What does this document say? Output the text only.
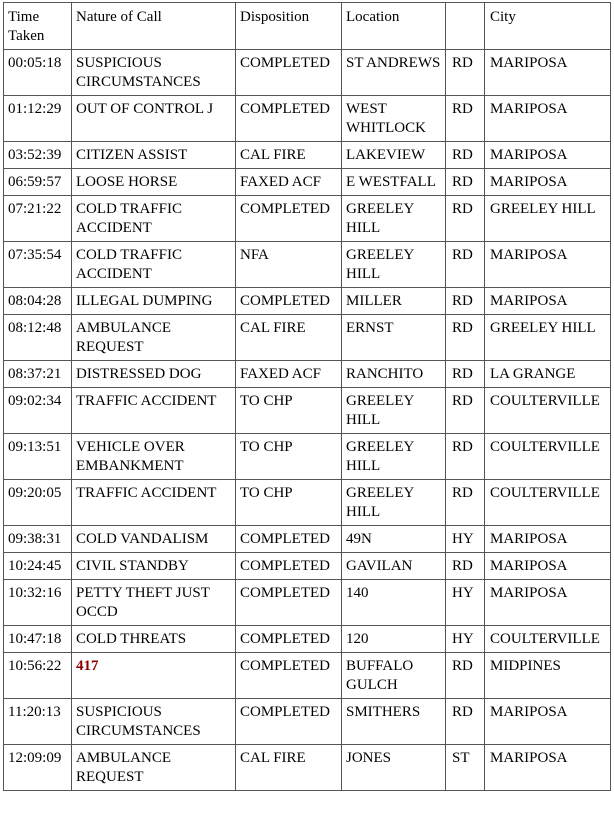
Time Taken	Nature of Call	Disposition	Location		City
00:05:18	SUSPICIOUS CIRCUMSTANCES	COMPLETED	ST ANDREWS	RD	MARIPOSA
01:12:29	OUT OF CONTROL J	COMPLETED	WEST WHITLOCK	RD	MARIPOSA
03:52:39	CITIZEN ASSIST	CAL FIRE	LAKEVIEW	RD	MARIPOSA
06:59:57	LOOSE HORSE	FAXED ACF	E WESTFALL	RD	MARIPOSA
07:21:22	COLD TRAFFIC ACCIDENT	COMPLETED	GREELEY HILL	RD	GREELEY HILL
07:35:54	COLD TRAFFIC ACCIDENT	NFA	GREELEY HILL	RD	MARIPOSA
08:04:28	ILLEGAL DUMPING	COMPLETED	MILLER	RD	MARIPOSA
08:12:48	AMBULANCE REQUEST	CAL FIRE	ERNST	RD	GREELEY HILL
08:37:21	DISTRESSED DOG	FAXED ACF	RANCHITO	RD	LA GRANGE
09:02:34	TRAFFIC ACCIDENT	TO CHP	GREELEY HILL	RD	COULTERVILLE
09:13:51	VEHICLE OVER EMBANKMENT	TO CHP	GREELEY HILL	RD	COULTERVILLE
09:20:05	TRAFFIC ACCIDENT	TO CHP	GREELEY HILL	RD	COULTERVILLE
09:38:31	COLD VANDALISM	COMPLETED	49N	HY	MARIPOSA
10:24:45	CIVIL STANDBY	COMPLETED	GAVILAN	RD	MARIPOSA
10:32:16	PETTY THEFT JUST OCCD	COMPLETED	140	HY	MARIPOSA
10:47:18	COLD THREATS	COMPLETED	120	HY	COULTERVILLE
10:56:22	417	COMPLETED	BUFFALO GULCH	RD	MIDPINES
11:20:13	SUSPICIOUS CIRCUMSTANCES	COMPLETED	SMITHERS	RD	MARIPOSA
12:09:09	AMBULANCE REQUEST	CAL FIRE	JONES	ST	MARIPOSA
